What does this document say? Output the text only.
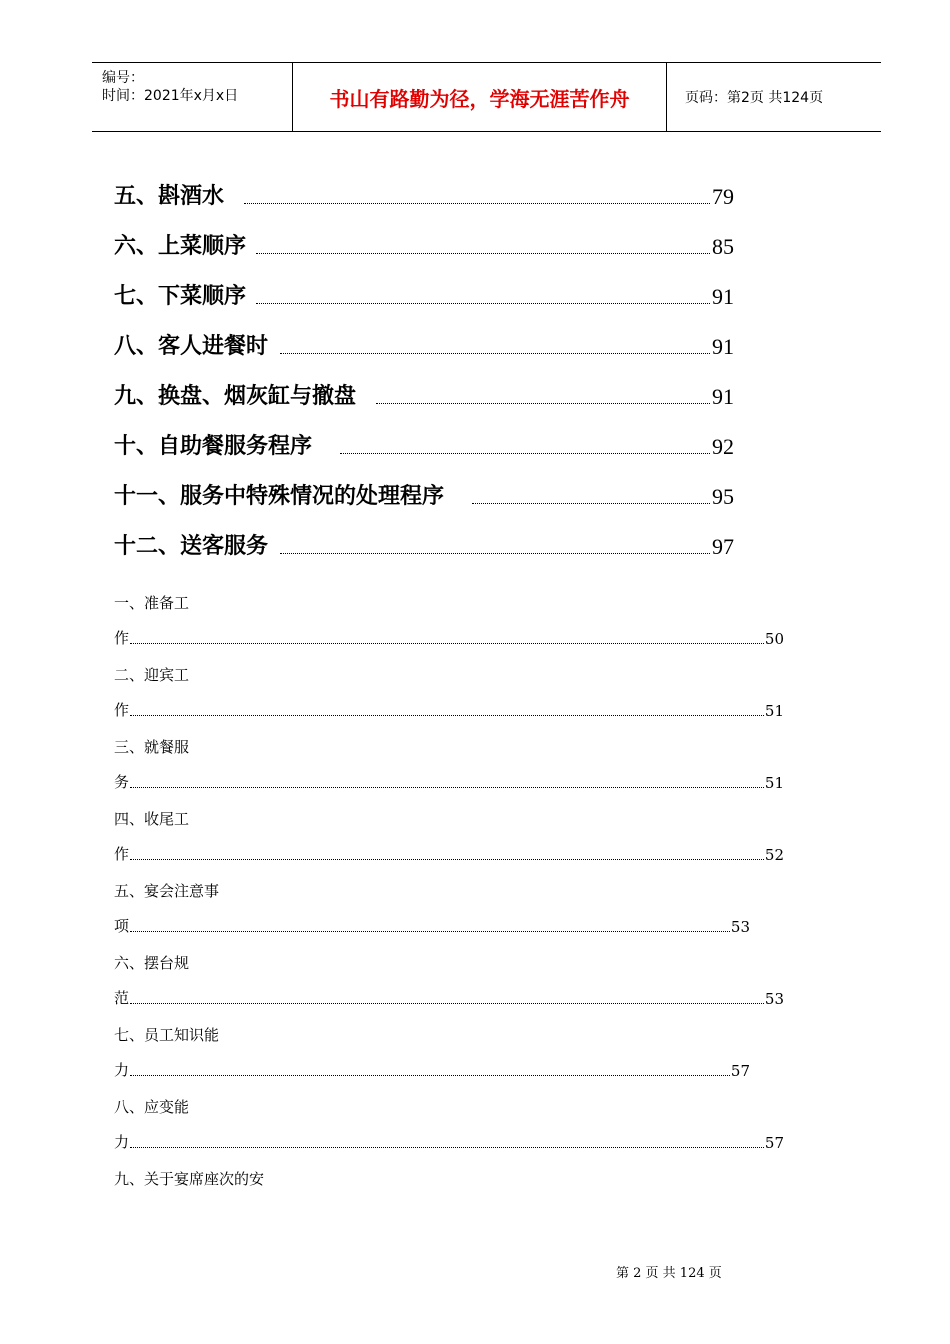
编号：
时间：2021年x月x日	书山有路勤为径，学海无涯苦作舟	页码：第2页 共124页
五、斟酒水	79
六、上菜顺序	85
七、下菜顺序	91
八、客人进餐时	91
九、换盘、烟灰缸与撤盘	91
十、自助餐服务程序	92
十一、服务中特殊情况的处理程序	95
十二、送客服务	97
一、准备工
作	50
二、迎宾工
作	51
三、就餐服
务	51
四、收尾工
作	52
五、宴会注意事
项	53
六、摆台规
范	53
七、员工知识能
力	57
八、应变能
力	57
九、关于宴席座次的安
第 2 页 共 124 页
